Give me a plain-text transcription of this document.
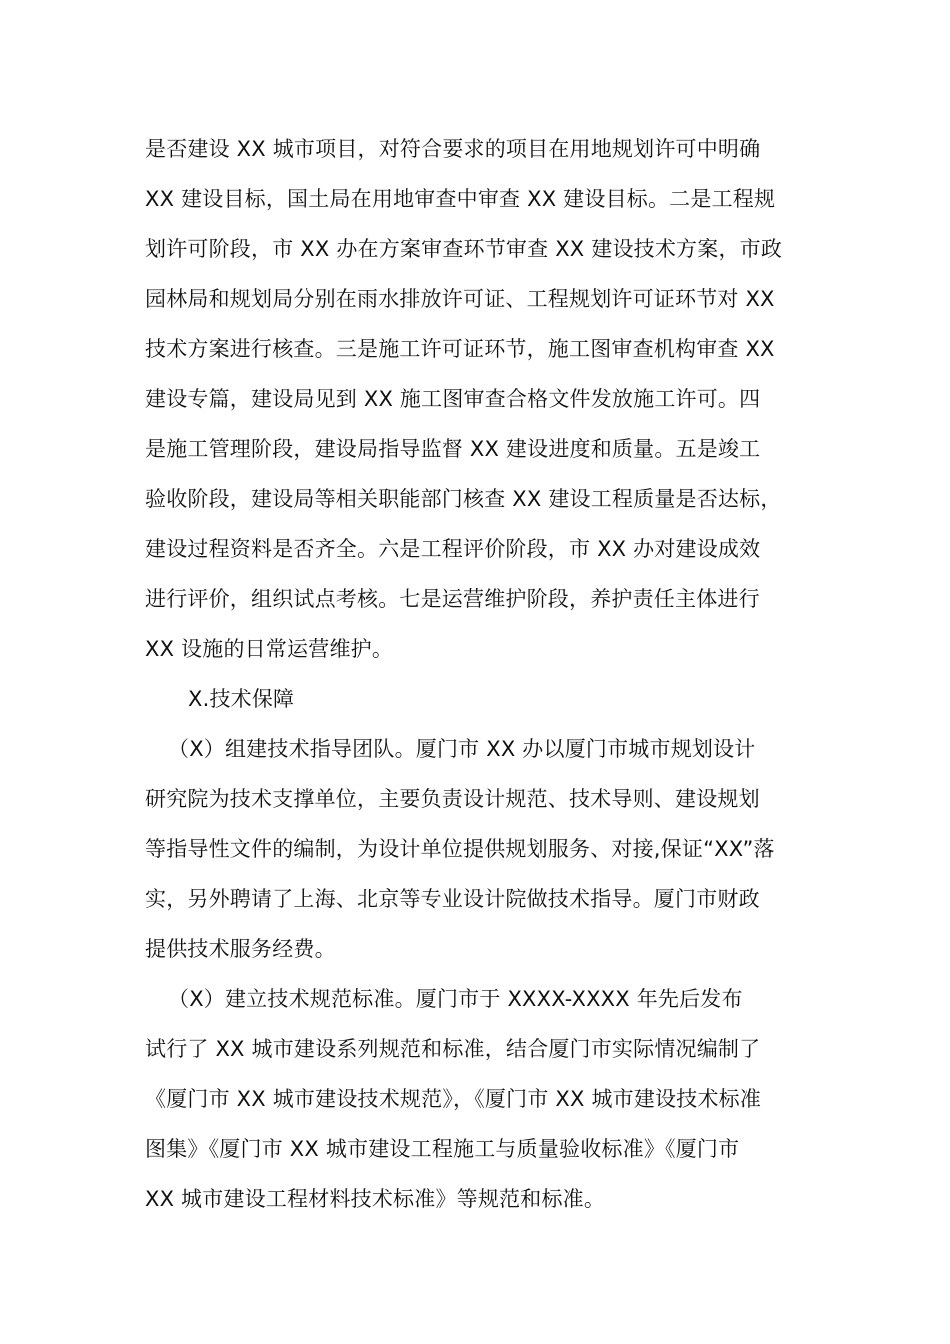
是否建设 XX 城市项目，对符合要求的项目在用地规划许可中明确
XX 建设目标，国土局在用地审查中审查 XX 建设目标。二是工程规
划许可阶段，市 XX 办在方案审查环节审查 XX 建设技术方案，市政
园林局和规划局分别在雨水排放许可证、工程规划许可证环节对 XX
技术方案进行核查。三是施工许可证环节，施工图审查机构审查 XX
建设专篇，建设局见到 XX 施工图审查合格文件发放施工许可。四
是施工管理阶段，建设局指导监督 XX 建设进度和质量。五是竣工
验收阶段，建设局等相关职能部门核查 XX 建设工程质量是否达标，
建设过程资料是否齐全。六是工程评价阶段，市 XX 办对建设成效
进行评价，组织试点考核。七是运营维护阶段，养护责任主体进行
XX 设施的日常运营维护。
X.技术保障
（X）组建技术指导团队。厦门市 XX 办以厦门市城市规划设计
研究院为技术支撑单位，主要负责设计规范、技术导则、建设规划
等指导性文件的编制，为设计单位提供规划服务、对接,保证“XX”落
实，另外聘请了上海、北京等专业设计院做技术指导。厦门市财政
提供技术服务经费。
（X）建立技术规范标准。厦门市于 XXXX-XXXX 年先后发布
试行了 XX 城市建设系列规范和标准，结合厦门市实际情况编制了
《厦门市 XX 城市建设技术规范》，《厦门市 XX 城市建设技术标准
图集》《厦门市 XX 城市建设工程施工与质量验收标准》《厦门市
XX 城市建设工程材料技术标准》等规范和标准。
